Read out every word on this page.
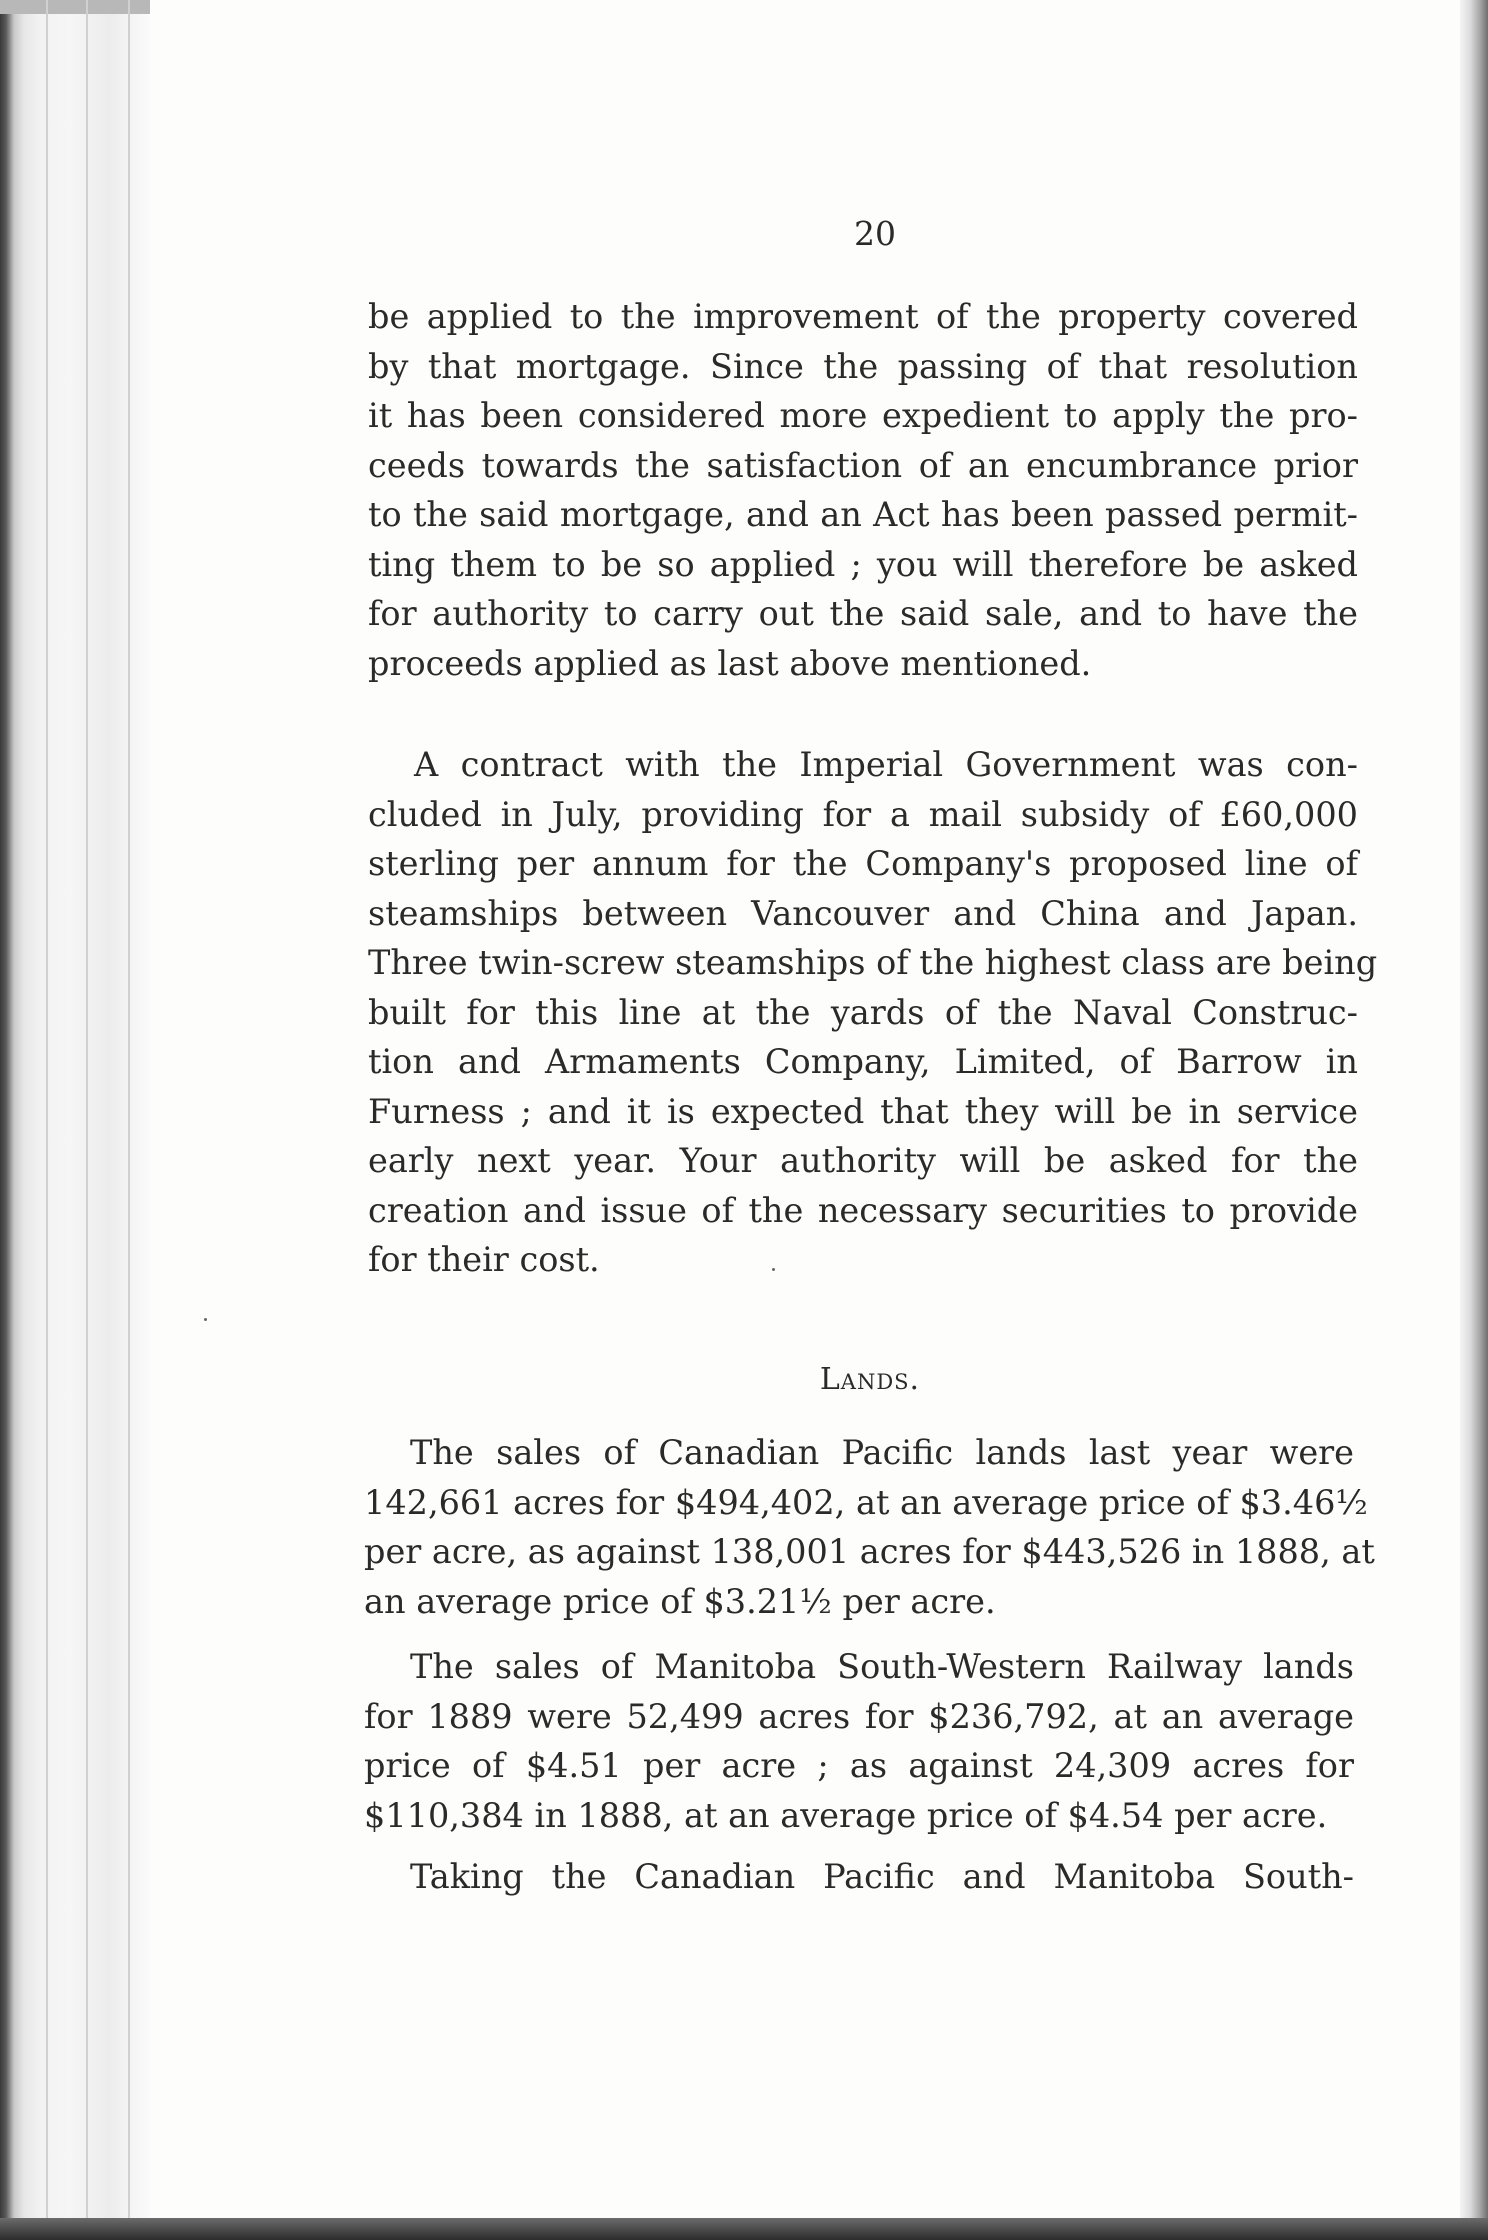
20
be applied to the improvement of the property covered
by that mortgage. Since the passing of that resolution
it has been considered more expedient to apply the pro-
ceeds towards the satisfaction of an encumbrance prior
to the said mortgage, and an Act has been passed permit-
ting them to be so applied ; you will therefore be asked
for authority to carry out the said sale, and to have the
proceeds applied as last above mentioned.
A contract with the Imperial Government was con-
cluded in July, providing for a mail subsidy of £60,000
sterling per annum for the Company's proposed line of
steamships between Vancouver and China and Japan.
Three twin-screw steamships of the highest class are being
built for this line at the yards of the Naval Construc-
tion and Armaments Company, Limited, of Barrow in
Furness ; and it is expected that they will be in service
early next year. Your authority will be asked for the
creation and issue of the necessary securities to provide
for their cost.
Lands.
The sales of Canadian Pacific lands last year were
142,661 acres for $494,402, at an average price of $3.46½
per acre, as against 138,001 acres for $443,526 in 1888, at
an average price of $3.21½ per acre.
The sales of Manitoba South-Western Railway lands
for 1889 were 52,499 acres for $236,792, at an average
price of $4.51 per acre ; as against 24,309 acres for
$110,384 in 1888, at an average price of $4.54 per acre.
Taking the Canadian Pacific and Manitoba South-
